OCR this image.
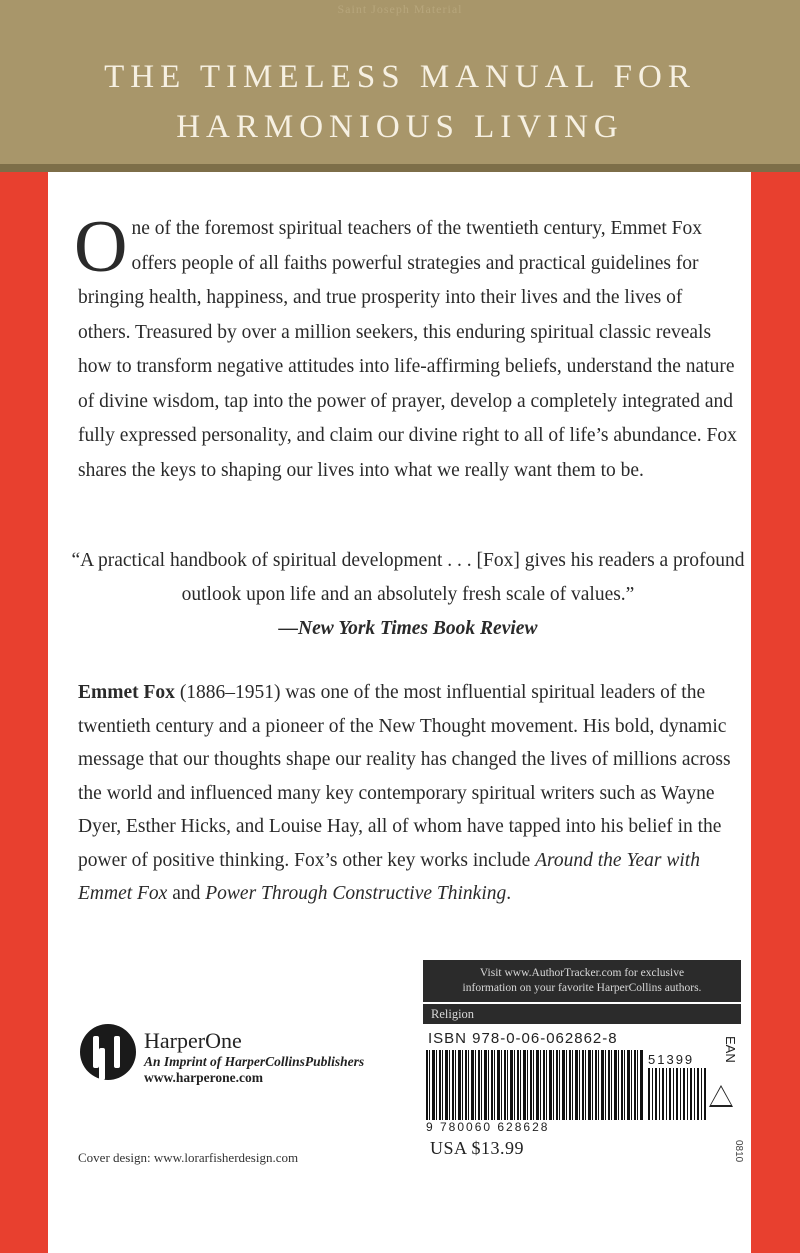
Saint Joseph Material
THE TIMELESS MANUAL FOR
HARMONIOUS LIVING
One of the foremost spiritual teachers of the twentieth century, Emmet Fox offers people of all faiths powerful strategies and practical guidelines for bringing health, happiness, and true prosperity into their lives and the lives of others. Treasured by over a million seekers, this enduring spiritual classic reveals how to transform negative attitudes into life-affirming beliefs, understand the nature of divine wisdom, tap into the power of prayer, develop a completely integrated and fully expressed personality, and claim our divine right to all of life’s abundance. Fox shares the keys to shaping our lives into what we really want them to be.
“A practical handbook of spiritual development . . . [Fox] gives his readers a profound outlook upon life and an absolutely fresh scale of values.”
—New York Times Book Review
Emmet Fox (1886–1951) was one of the most influential spiritual leaders of the twentieth century and a pioneer of the New Thought movement. His bold, dynamic message that our thoughts shape our reality has changed the lives of millions across the world and influenced many key contemporary spiritual writers such as Wayne Dyer, Esther Hicks, and Louise Hay, all of whom have tapped into his belief in the power of positive thinking. Fox’s other key works include Around the Year with Emmet Fox and Power Through Constructive Thinking.
Visit www.AuthorTracker.com for exclusive
information on your favorite HarperCollins authors.
Religion
ISBN 978-0-06-062862-8
9 780060 628628
51399 EAN
USA $13.99	0810
HarperOne
An Imprint of HarperCollinsPublishers
www.harperone.com
Cover design: www.lorarfisherdesign.com
